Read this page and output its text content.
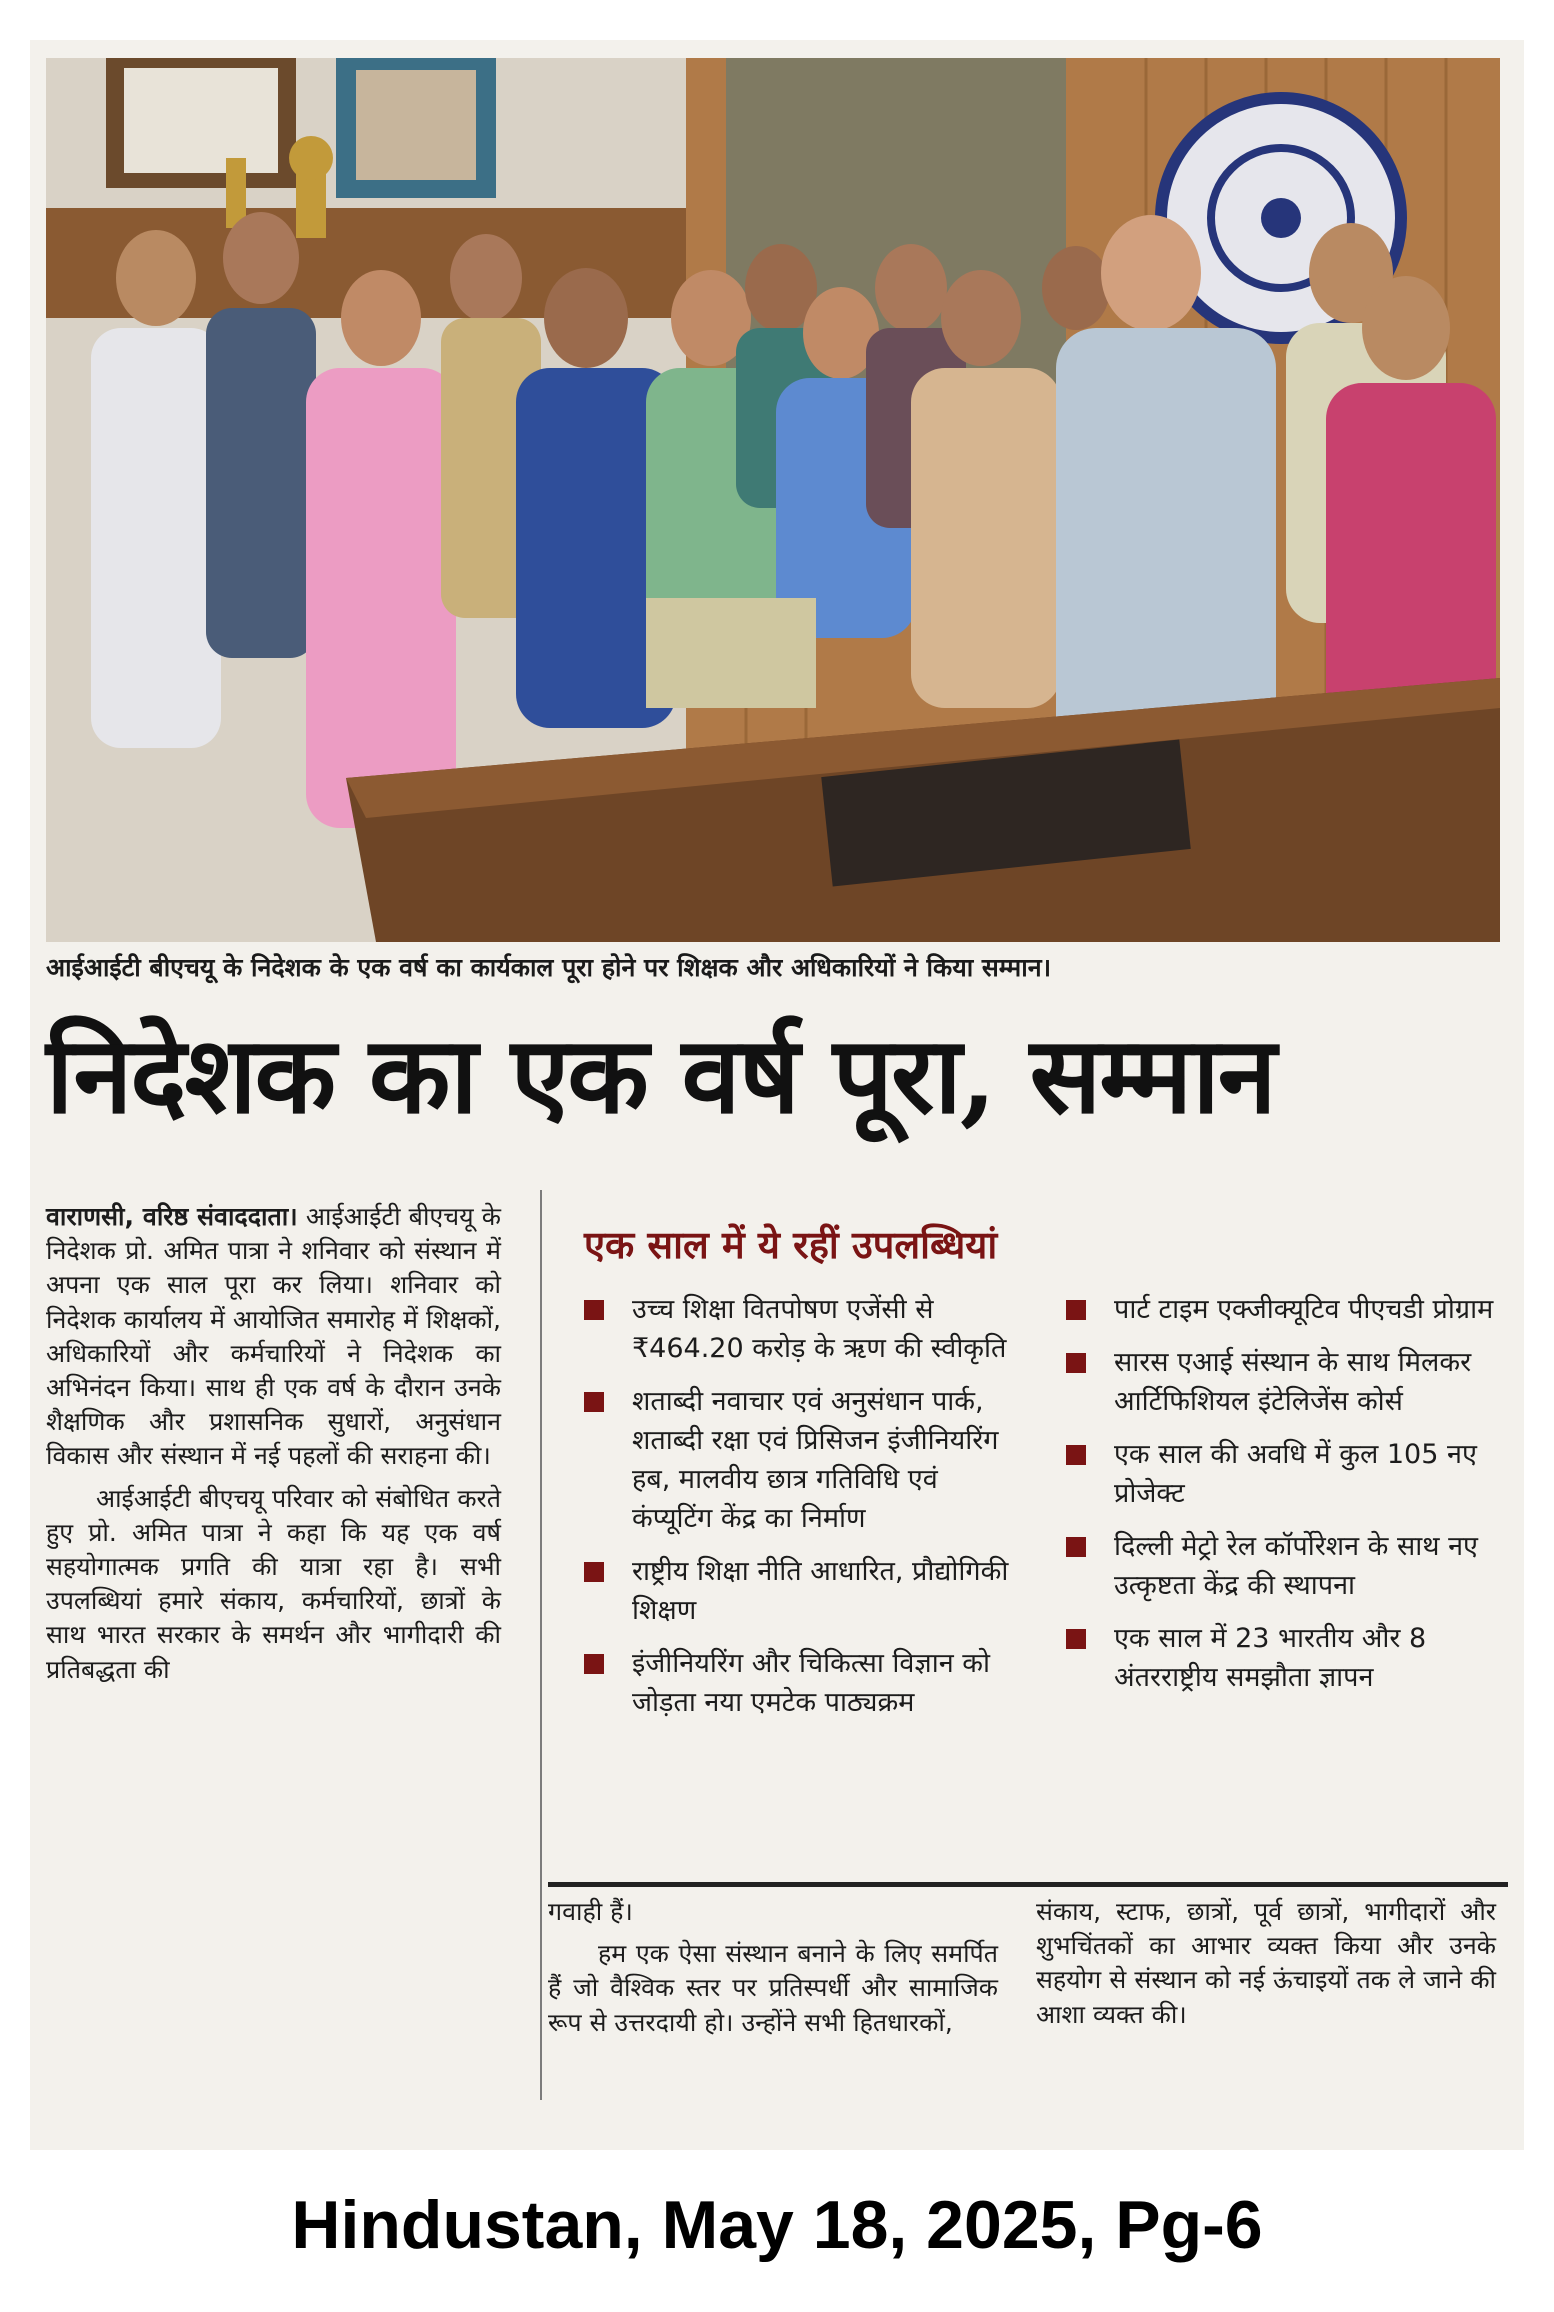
आईआईटी बीएचयू के निदेशक के एक वर्ष का कार्यकाल पूरा होने पर शिक्षक और अधिकारियों ने किया सम्मान।
निदेशक का एक वर्ष पूरा, सम्मान

वाराणसी, वरिष्ठ संवाददाता। आईआईटी बीएचयू के निदेशक प्रो. अमित पात्रा ने शनिवार को संस्थान में अपना एक साल पूरा कर लिया। शनिवार को निदेशक कार्यालय में आयोजित समारोह में शिक्षकों, अधिकारियों और कर्मचारियों ने निदेशक का अभिनंदन किया। साथ ही एक वर्ष के दौरान उनके शैक्षणिक और प्रशासनिक सुधारों, अनुसंधान विकास और संस्थान में नई पहलों की सराहना की।

आईआईटी बीएचयू परिवार को संबोधित करते हुए प्रो. अमित पात्रा ने कहा कि यह एक वर्ष सहयोगात्मक प्रगति की यात्रा रहा है। सभी उपलब्धियां हमारे संकाय, कर्मचारियों, छात्रों के साथ भारत सरकार के समर्थन और भागीदारी की प्रतिबद्धता की

एक साल में ये रहीं उपलब्धियां
उच्च शिक्षा वितपोषण एजेंसी से ₹464.20 करोड़ के ऋण की स्वीकृति
शताब्दी नवाचार एवं अनुसंधान पार्क, शताब्दी रक्षा एवं प्रिसिजन इंजीनियरिंग हब, मालवीय छात्र गतिविधि एवं कंप्यूटिंग केंद्र का निर्माण
राष्ट्रीय शिक्षा नीति आधारित, प्रौद्योगिकी शिक्षण
इंजीनियरिंग और चिकित्सा विज्ञान को जोड़ता नया एमटेक पाठ्यक्रम
पार्ट टाइम एक्जीक्यूटिव पीएचडी प्रोग्राम
सारस एआई संस्थान के साथ मिलकर आर्टिफिशियल इंटेलिजेंस कोर्स
एक साल की अवधि में कुल 105 नए प्रोजेक्ट
दिल्ली मेट्रो रेल कॉर्पोरेशन के साथ नए उत्कृष्टता केंद्र की स्थापना
एक साल में 23 भारतीय और 8 अंतरराष्ट्रीय समझौता ज्ञापन

गवाही हैं।

हम एक ऐसा संस्थान बनाने के लिए समर्पित हैं जो वैश्विक स्तर पर प्रतिस्पर्धी और सामाजिक रूप से उत्तरदायी हो। उन्होंने सभी हितधारकों,

संकाय, स्टाफ, छात्रों, पूर्व छात्रों, भागीदारों और शुभचिंतकों का आभार व्यक्त किया और उनके सहयोग से संस्थान को नई ऊंचाइयों तक ले जाने की आशा व्यक्त की।

Hindustan, May 18, 2025, Pg-6
